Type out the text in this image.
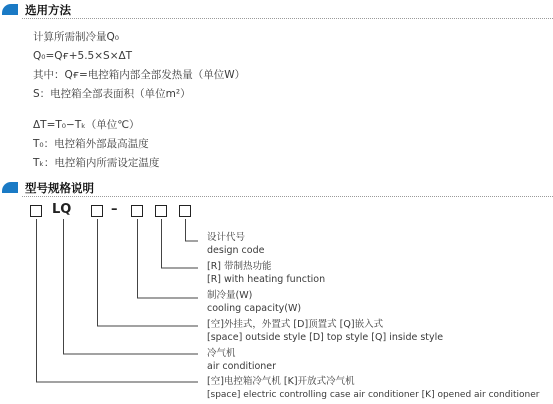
选用方法
计算所需制冷量Q₀
Q₀=Qғ+5.5×S×ΔT
其中：Qғ=电控箱内部全部发热量（单位W）
S：电控箱全部表面积（单位m²）
ΔT=T₀−Tₖ（单位℃）
T₀：电控箱外部最高温度
Tₖ：电控箱内所需设定温度
型号规格说明
LQ	–
设计代号
design code
[R] 带制热功能
[R] with heating function
制冷量(W)
cooling capacity(W)
[空]外挂式，外置式 [D]顶置式 [Q]嵌入式
[space] outside style [D] top style [Q] inside style
冷气机
air conditioner
[空]电控箱冷气机 [K]开放式冷气机
[space] electric controlling case air conditioner [K] opened air conditioner
